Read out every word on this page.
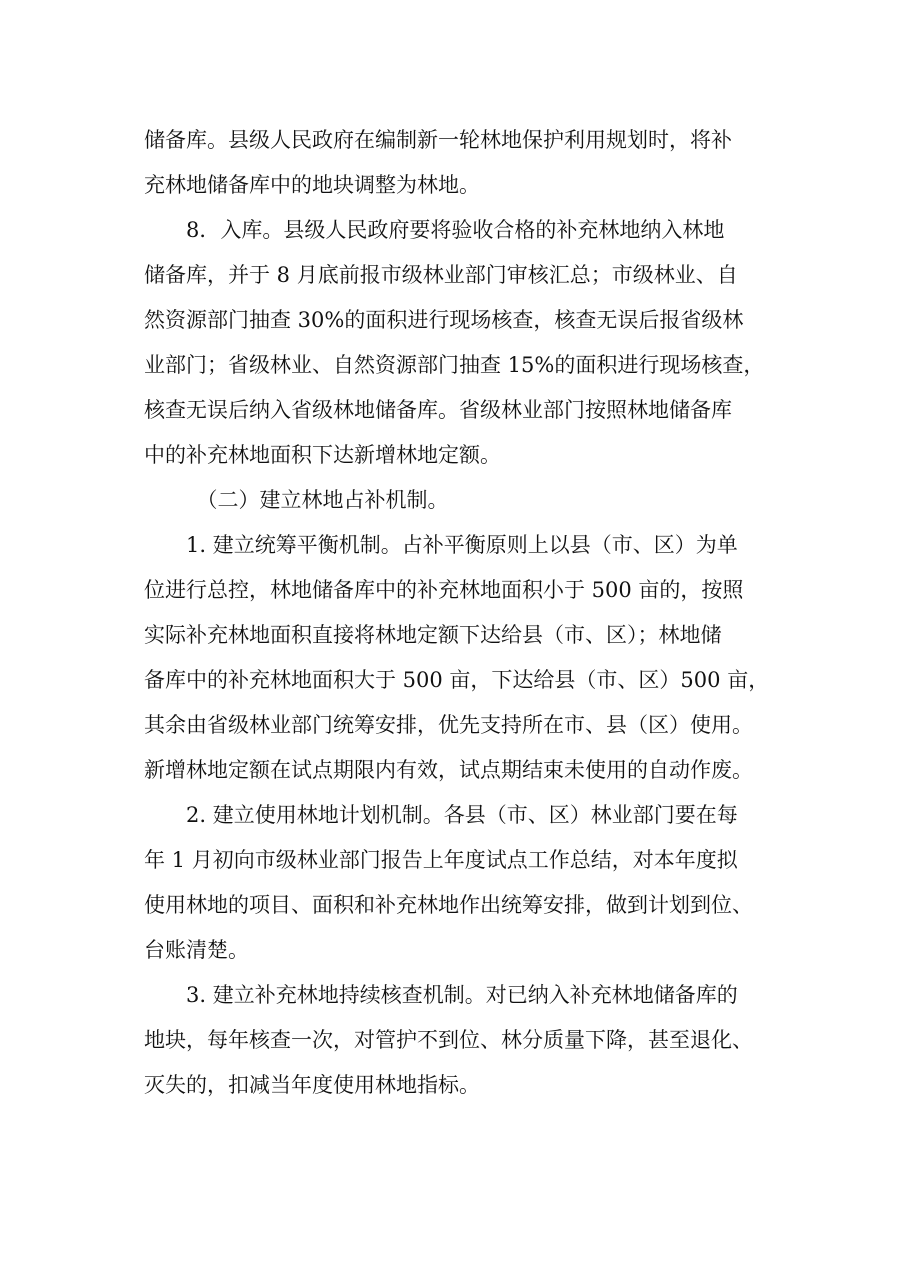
储备库。县级人民政府在编制新一轮林地保护利用规划时，将补
充林地储备库中的地块调整为林地。
　　8．入库。县级人民政府要将验收合格的补充林地纳入林地
储备库，并于 8 月底前报市级林业部门审核汇总；市级林业、自
然资源部门抽查 30%的面积进行现场核查，核查无误后报省级林
业部门；省级林业、自然资源部门抽查 15%的面积进行现场核查，
核查无误后纳入省级林地储备库。省级林业部门按照林地储备库
中的补充林地面积下达新增林地定额。
　　　（二）建立林地占补机制。
　　1. 建立统筹平衡机制。占补平衡原则上以县（市、区）为单
位进行总控，林地储备库中的补充林地面积小于 500 亩的，按照
实际补充林地面积直接将林地定额下达给县（市、区）；林地储
备库中的补充林地面积大于 500 亩，下达给县（市、区）500 亩，
其余由省级林业部门统筹安排，优先支持所在市、县（区）使用。
新增林地定额在试点期限内有效，试点期结束未使用的自动作废。
　　2. 建立使用林地计划机制。各县（市、区）林业部门要在每
年 1 月初向市级林业部门报告上年度试点工作总结，对本年度拟
使用林地的项目、面积和补充林地作出统筹安排，做到计划到位、
台账清楚。
　　3. 建立补充林地持续核查机制。对已纳入补充林地储备库的
地块，每年核查一次，对管护不到位、林分质量下降，甚至退化、
灭失的，扣减当年度使用林地指标。
